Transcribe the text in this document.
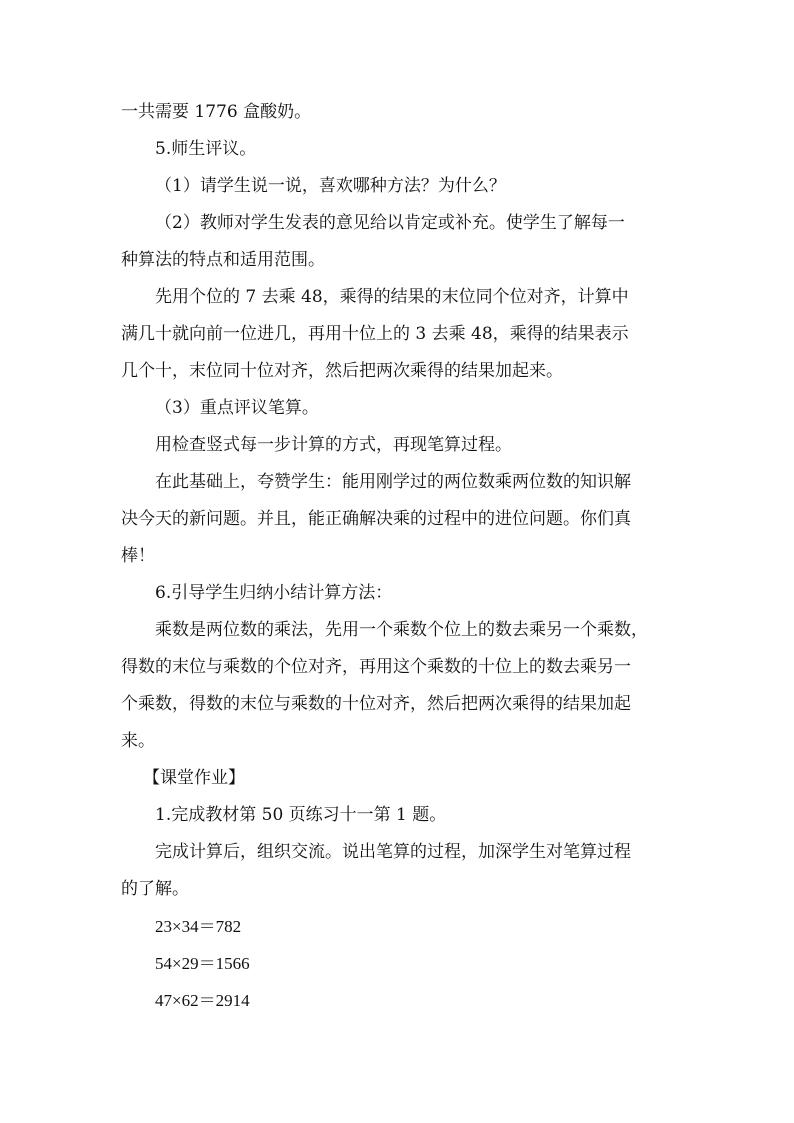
一共需要 1776 盒酸奶。

5.师生评议。

（1）请学生说一说，喜欢哪种方法？为什么？

（2）教师对学生发表的意见给以肯定或补充。使学生了解每一
种算法的特点和适用范围。

先用个位的 7 去乘 48，乘得的结果的末位同个位对齐，计算中
满几十就向前一位进几，再用十位上的 3 去乘 48，乘得的结果表示
几个十，末位同十位对齐，然后把两次乘得的结果加起来。

（3）重点评议笔算。

用检查竖式每一步计算的方式，再现笔算过程。

在此基础上，夸赞学生：能用刚学过的两位数乘两位数的知识解
决今天的新问题。并且，能正确解决乘的过程中的进位问题。你们真
棒！

6.引导学生归纳小结计算方法：

乘数是两位数的乘法，先用一个乘数个位上的数去乘另一个乘数，
得数的末位与乘数的个位对齐，再用这个乘数的十位上的数去乘另一
个乘数，得数的末位与乘数的十位对齐，然后把两次乘得的结果加起
来。

【课堂作业】

1.完成教材第 50 页练习十一第 1 题。

完成计算后，组织交流。说出笔算的过程，加深学生对笔算过程
的了解。

23×34＝782

54×29＝1566

47×62＝2914
